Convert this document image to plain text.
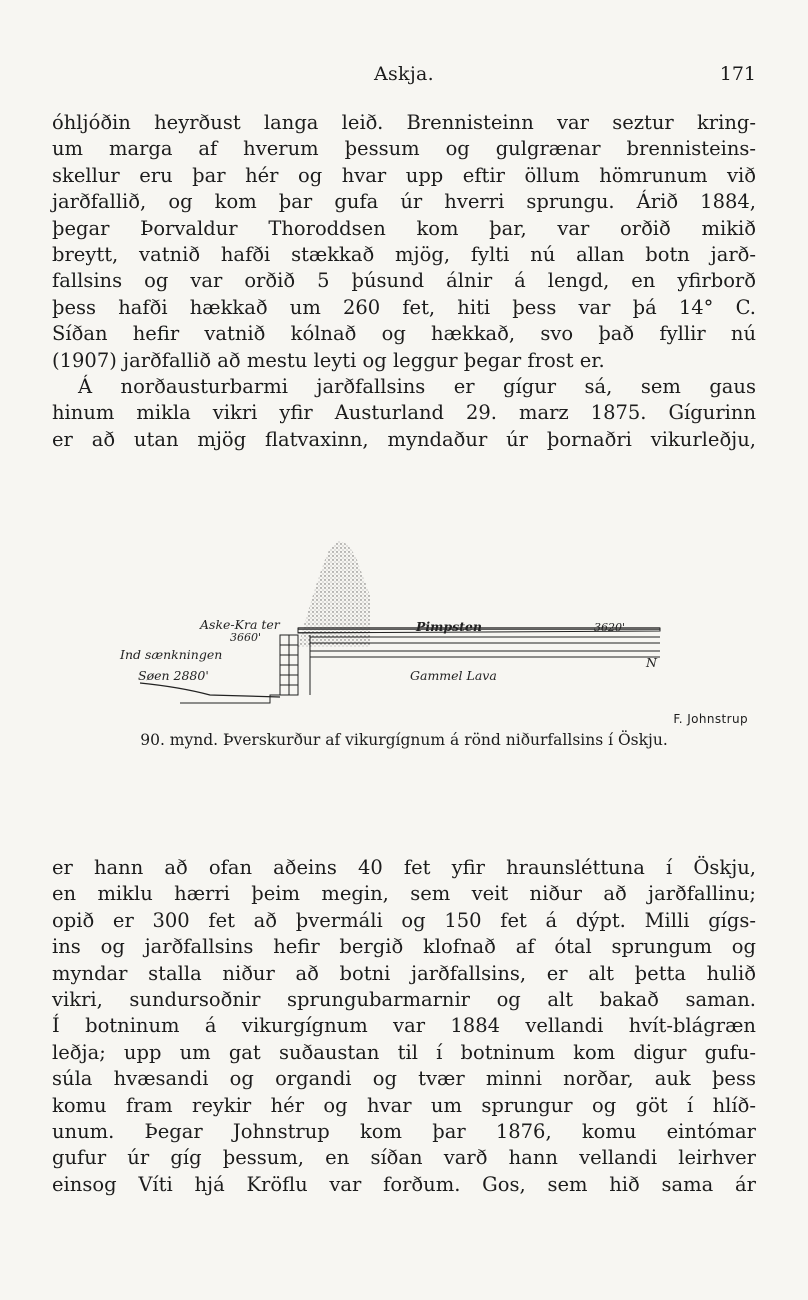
Askja.	171
óhljóðin heyrðust langa leið. Brennisteinn var seztur kring-
um marga af hverum þessum og gulgrænar brennisteins-
skellur eru þar hér og hvar upp eftir öllum hömrunum við
jarðfallið, og kom þar gufa úr hverri sprungu. Árið 1884,
þegar Þorvaldur Thoroddsen kom þar, var orðið mikið
breytt, vatnið hafði stækkað mjög, fylti nú allan botn jarð-
fallsins og var orðið 5 þúsund álnir á lengd, en yfirborð
þess hafði hækkað um 260 fet, hiti þess var þá 14° C.
Síðan hefir vatnið kólnað og hækkað, svo það fyllir nú
(1907) jarðfallið að mestu leyti og leggur þegar frost er.
Á norðausturbarmi jarðfallsins er gígur sá, sem gaus
hinum mikla vikri yfir Austurland 29. marz 1875. Gígurinn
er að utan mjög flatvaxinn, myndaður úr þornaðri vikurleðju,
Aske-Kra ter
3660'
Pimpsten	3620'
Ind sænkningen
Søen 2880'	Gammel Lava
N
F. Johnstrup
90. mynd. Þverskurður af vikurgígnum á rönd niðurfallsins í Öskju.
er hann að ofan aðeins 40 fet yfir hraunsléttuna í Öskju,
en miklu hærri þeim megin, sem veit niður að jarðfallinu;
opið er 300 fet að þvermáli og 150 fet á dýpt. Milli gígs-
ins og jarðfallsins hefir bergið klofnað af ótal sprungum og
myndar stalla niður að botni jarðfallsins, er alt þetta hulið
vikri, sundursoðnir sprungubarmarnir og alt bakað saman.
Í botninum á vikurgígnum var 1884 vellandi hvít-blágræn
leðja; upp um gat suðaustan til í botninum kom digur gufu-
súla hvæsandi og organdi og tvær minni norðar, auk þess
komu fram reykir hér og hvar um sprungur og göt í hlíð-
unum. Þegar Johnstrup kom þar 1876, komu eintómar
gufur úr gíg þessum, en síðan varð hann vellandi leirhver
einsog Víti hjá Kröflu var forðum. Gos, sem hið sama ár
